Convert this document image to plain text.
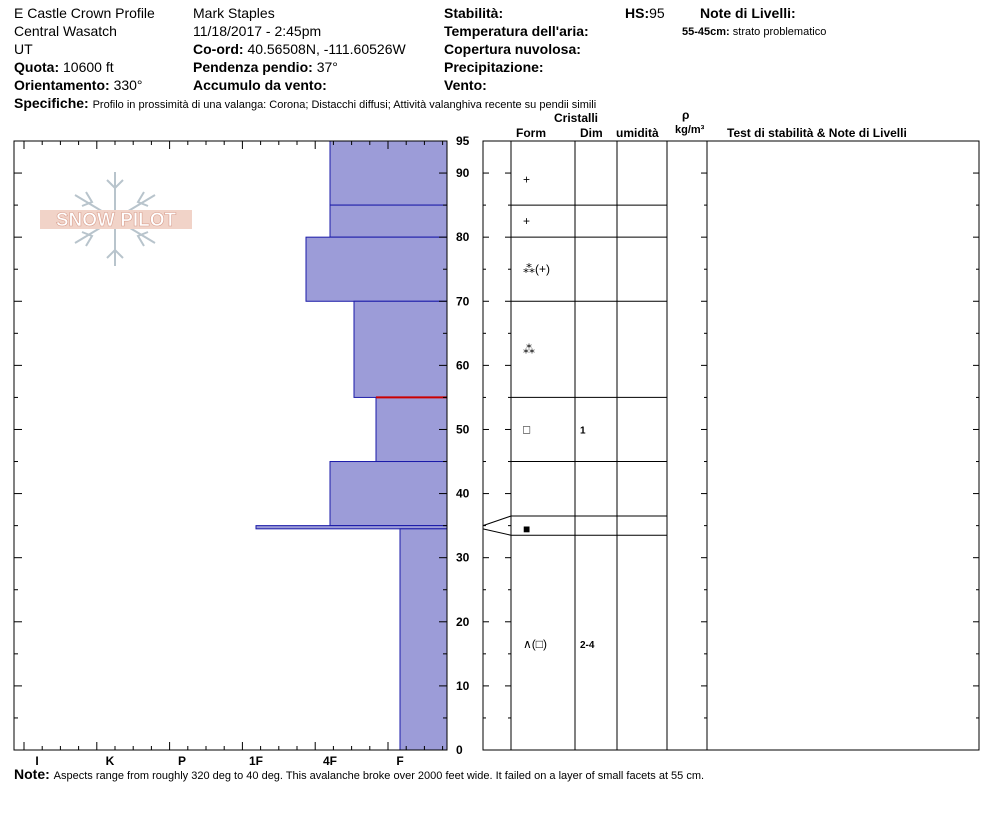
E Castle Crown Profile
Central Wasatch
UT
Quota: 10600 ft
Orientamento: 330°
Mark Staples
11/18/2017 - 2:45pm
Co-ord: 40.56508N, -111.60526W
Pendenza pendio: 37°
Accumulo da vento:
Stabilità:
Temperatura dell'aria:
Copertura nuvolosa:
Precipitazione:
Vento:
HS:95	Note di Livelli:
55-45cm: strato problematico
Specifiche: Profilo in prossimità di una valanga: Corona; Distacchi diffusi; Attività valanghiva recente su pendii simili
Cristalli
Form	Dim umidità
ρ
kg/m³ Test di stabilità & Note di Livelli
SNOW PILOT
0
10
20
30
40
50
60
70
80
90
95
I	K	P	1F	4F	F
+
+
⁂(+)
⁂
□	1
■
∧(□)	2-4
Note: Aspects range from roughly 320 deg to 40 deg. This avalanche broke over 2000 feet wide. It failed on a layer of small facets at 55 cm.
